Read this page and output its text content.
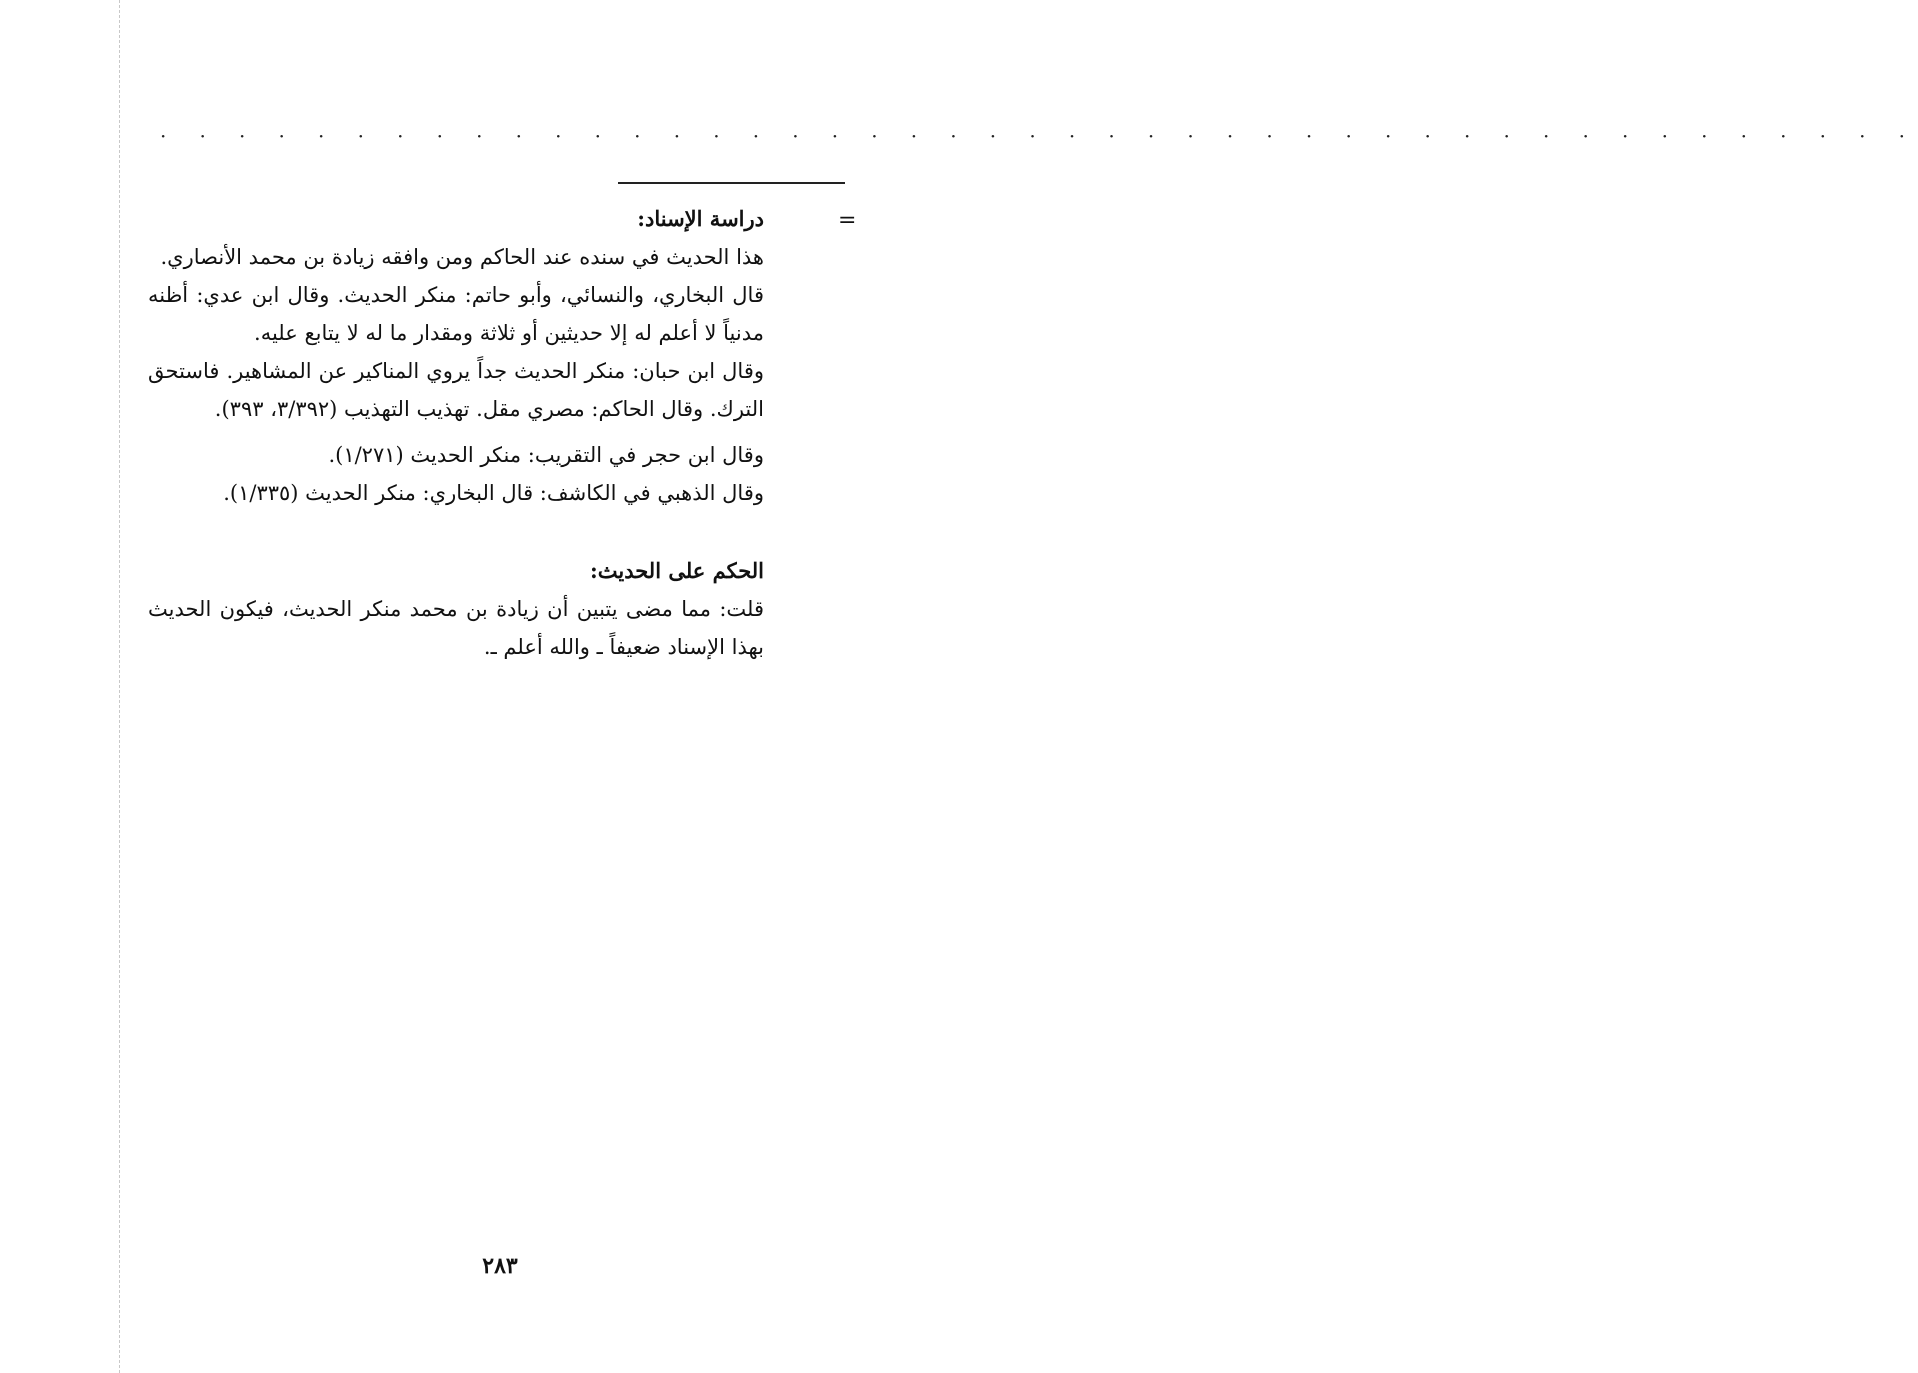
· · · · · · · · · · · · · · · · · · · · · · · · · · · · · · · · · · · · · · · · · · · · ·
=

دراسة الإسناد:

هذا الحديث في سنده عند الحاكم ومن وافقه زيادة بن محمد الأنصاري.

قال البخاري، والنسائي، وأبو حاتم: منكر الحديث. وقال ابن عدي: أظنه مدنياً لا أعلم له إلا حديثين أو ثلاثة ومقدار ما له لا يتابع عليه.

وقال ابن حبان: منكر الحديث جداً يروي المناكير عن المشاهير. فاستحق الترك. وقال الحاكم: مصري مقل. تهذيب التهذيب (٣/٣٩٢، ٣٩٣).

وقال ابن حجر في التقريب: منكر الحديث (١/٢٧١).

وقال الذهبي في الكاشف: قال البخاري: منكر الحديث (١/٣٣٥).

الحكم على الحديث:

قلت: مما مضى يتبين أن زيادة بن محمد منكر الحديث، فيكون الحديث بهذا الإسناد ضعيفاً ـ والله أعلم ـ.

٢٨٣
